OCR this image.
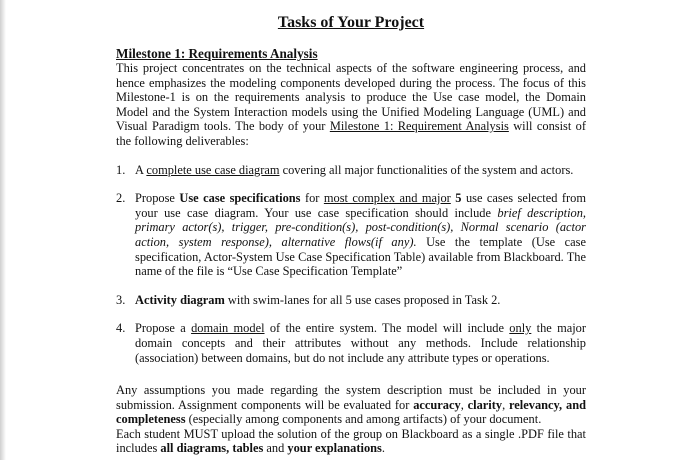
Tasks of Your Project
Milestone 1: Requirements Analysis
This project concentrates on the technical aspects of the software engineering process, and hence emphasizes the modeling components developed during the process. The focus of this Milestone-1 is on the requirements analysis to produce the Use case model, the Domain Model and the System Interaction models using the Unified Modeling Language (UML) and Visual Paradigm tools. The body of your Milestone 1: Requirement Analysis will consist of the following deliverables:
1. A complete use case diagram covering all major functionalities of the system and actors.
2. Propose Use case specifications for most complex and major 5 use cases selected from your use case diagram. Your use case specification should include brief description, primary actor(s), trigger, pre-condition(s), post-condition(s), Normal scenario (actor action, system response), alternative flows(if any). Use the template (Use case specification, Actor-System Use Case Specification Table) available from Blackboard. The name of the file is “Use Case Specification Template”
3. Activity diagram with swim-lanes for all 5 use cases proposed in Task 2.
4. Propose a domain model of the entire system. The model will include only the major domain concepts and their attributes without any methods. Include relationship (association) between domains, but do not include any attribute types or operations.
Any assumptions you made regarding the system description must be included in your submission. Assignment components will be evaluated for accuracy, clarity, relevancy, and completeness (especially among components and among artifacts) of your document.
Each student MUST upload the solution of the group on Blackboard as a single .PDF file that includes all diagrams, tables and your explanations.
